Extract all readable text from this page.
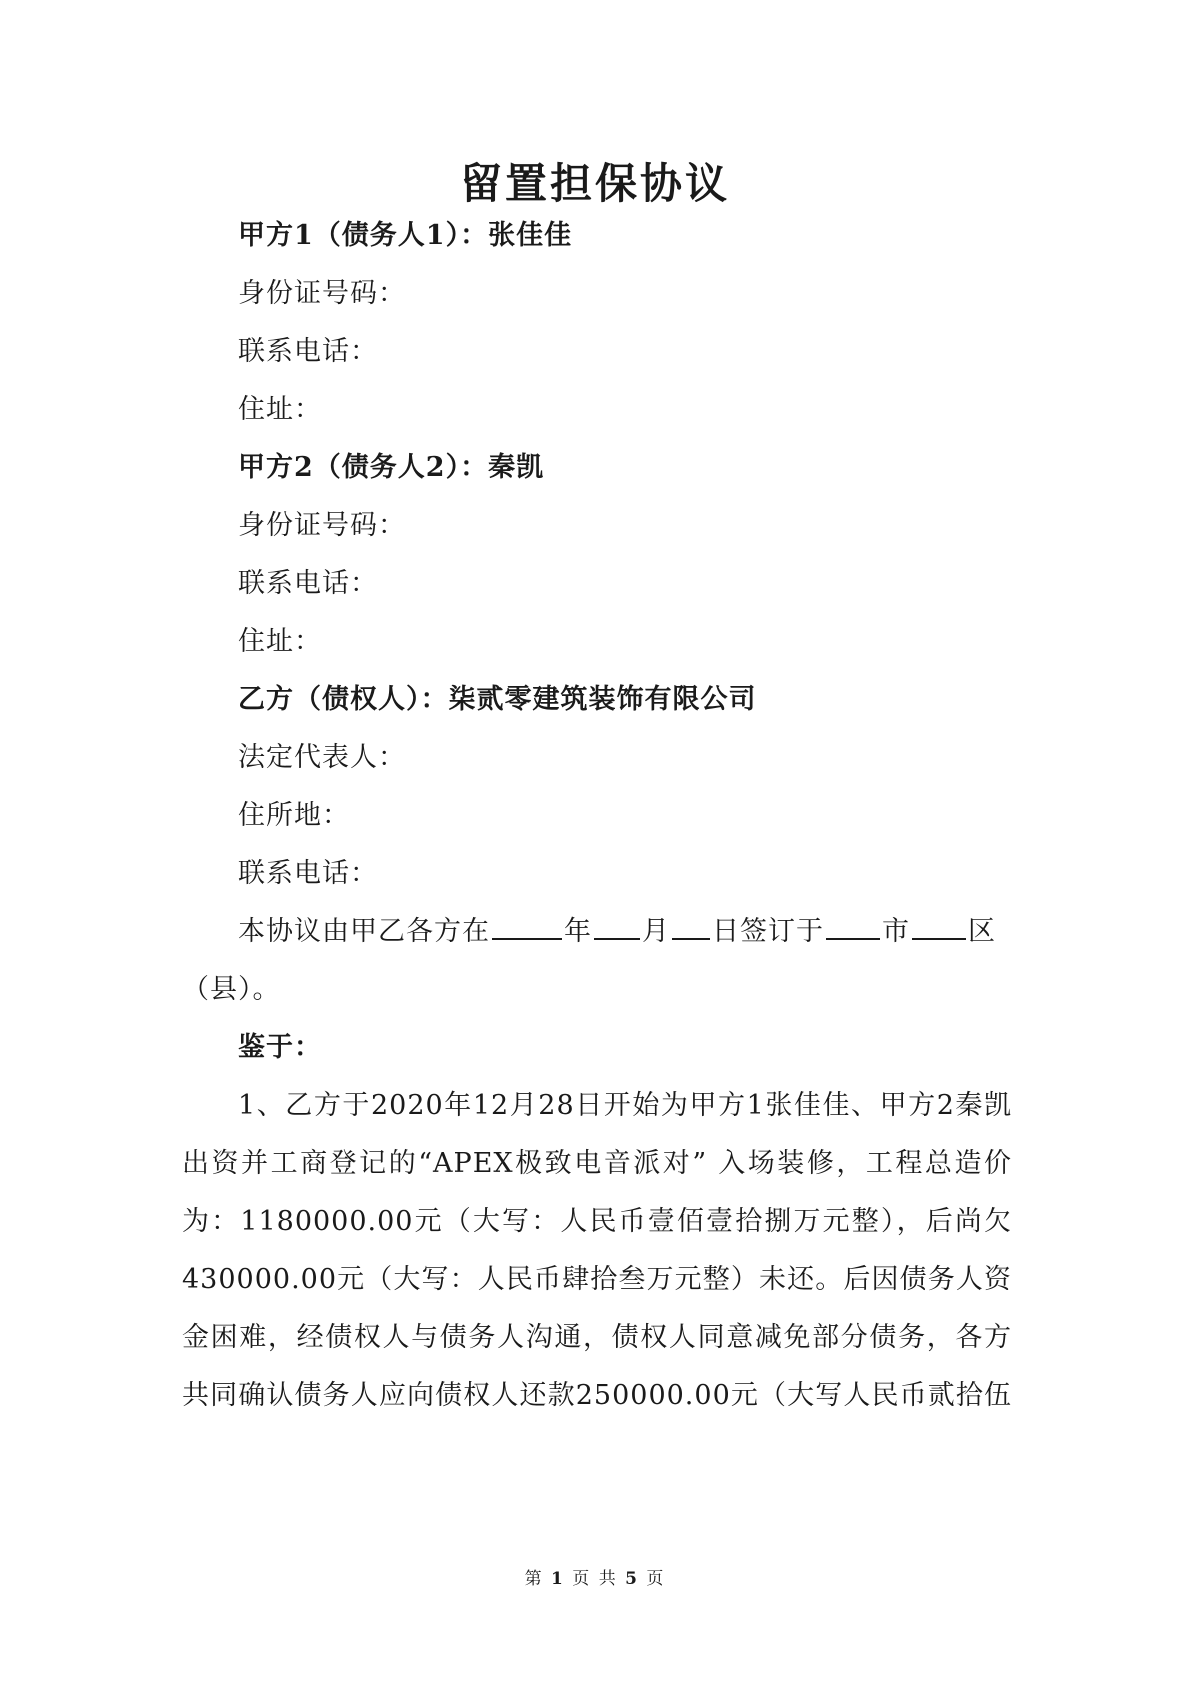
留置担保协议
甲方1（债务人1）：张佳佳
身份证号码：
联系电话：
住址：
甲方2（债务人2）：秦凯
身份证号码：
联系电话：
住址：
乙方（债权人）：柒贰零建筑装饰有限公司
法定代表人：
住所地：
联系电话：
本协议由甲乙各方在	年 月 日签订于 市 区
（县）。
鉴于：
1、乙方于2020年12月28日开始为甲方1张佳佳、甲方2秦凯
出资并工商登记的“APEX极致电音派对” 入场装修，工程总造价
为：1180000.00元（大写：人民币壹佰壹拾捌万元整），后尚欠
430000.00元（大写：人民币肆拾叁万元整）未还。后因债务人资
金困难，经债权人与债务人沟通，债权人同意减免部分债务，各方
共同确认债务人应向债权人还款250000.00元（大写人民币贰拾伍
第 1 页 共 5 页
